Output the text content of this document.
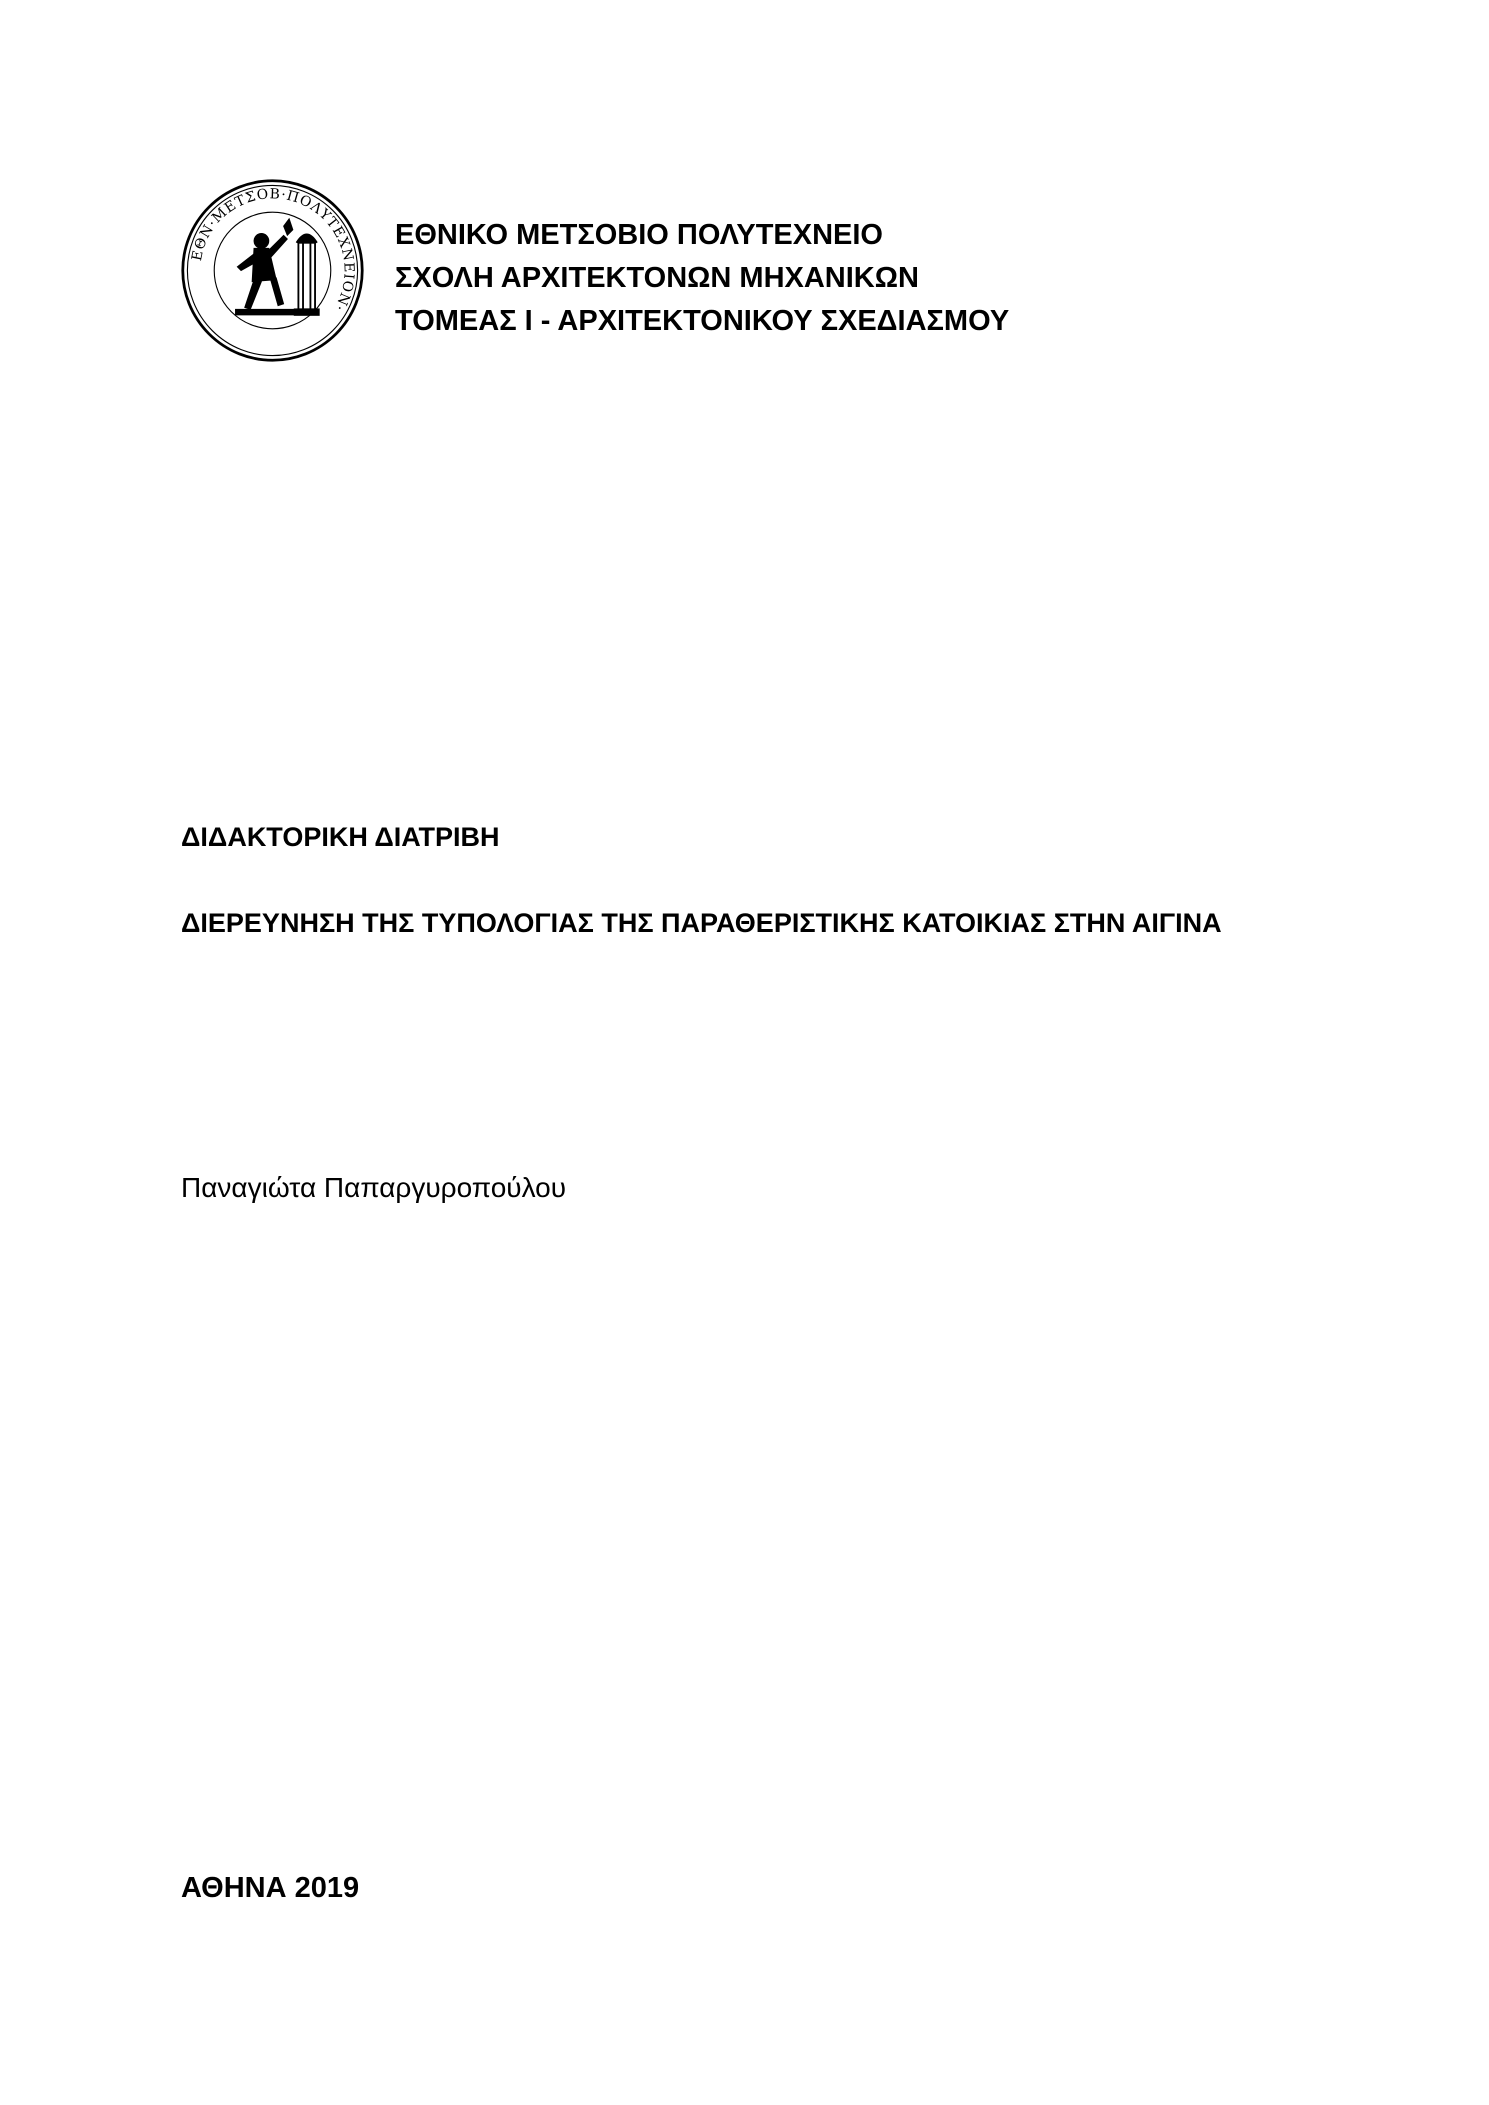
ΕΘΝ·ΜΕΤΣΟΒ·ΠΟΛΥΤΕΧΝΕΙΟΝ·
ΕΘΝΙΚΟ ΜΕΤΣΟΒΙΟ ΠΟΛΥΤΕΧΝΕΙΟ
ΣΧΟΛΗ ΑΡΧΙΤΕΚΤΟΝΩΝ ΜΗΧΑΝΙΚΩΝ
ΤΟΜΕΑΣ Ι - ΑΡΧΙΤΕΚΤΟΝΙΚΟΥ ΣΧΕΔΙΑΣΜΟΥ
ΔΙΔΑΚΤΟΡΙΚΗ ΔΙΑΤΡΙΒΗ
ΔΙΕΡΕΥΝΗΣΗ ΤΗΣ ΤΥΠΟΛΟΓΙΑΣ ΤΗΣ ΠΑΡΑΘΕΡΙΣΤΙΚΗΣ ΚΑΤΟΙΚΙΑΣ ΣΤΗΝ ΑΙΓΙΝΑ
Παναγιώτα Παπαργυροπούλου
ΑΘΗΝΑ 2019
